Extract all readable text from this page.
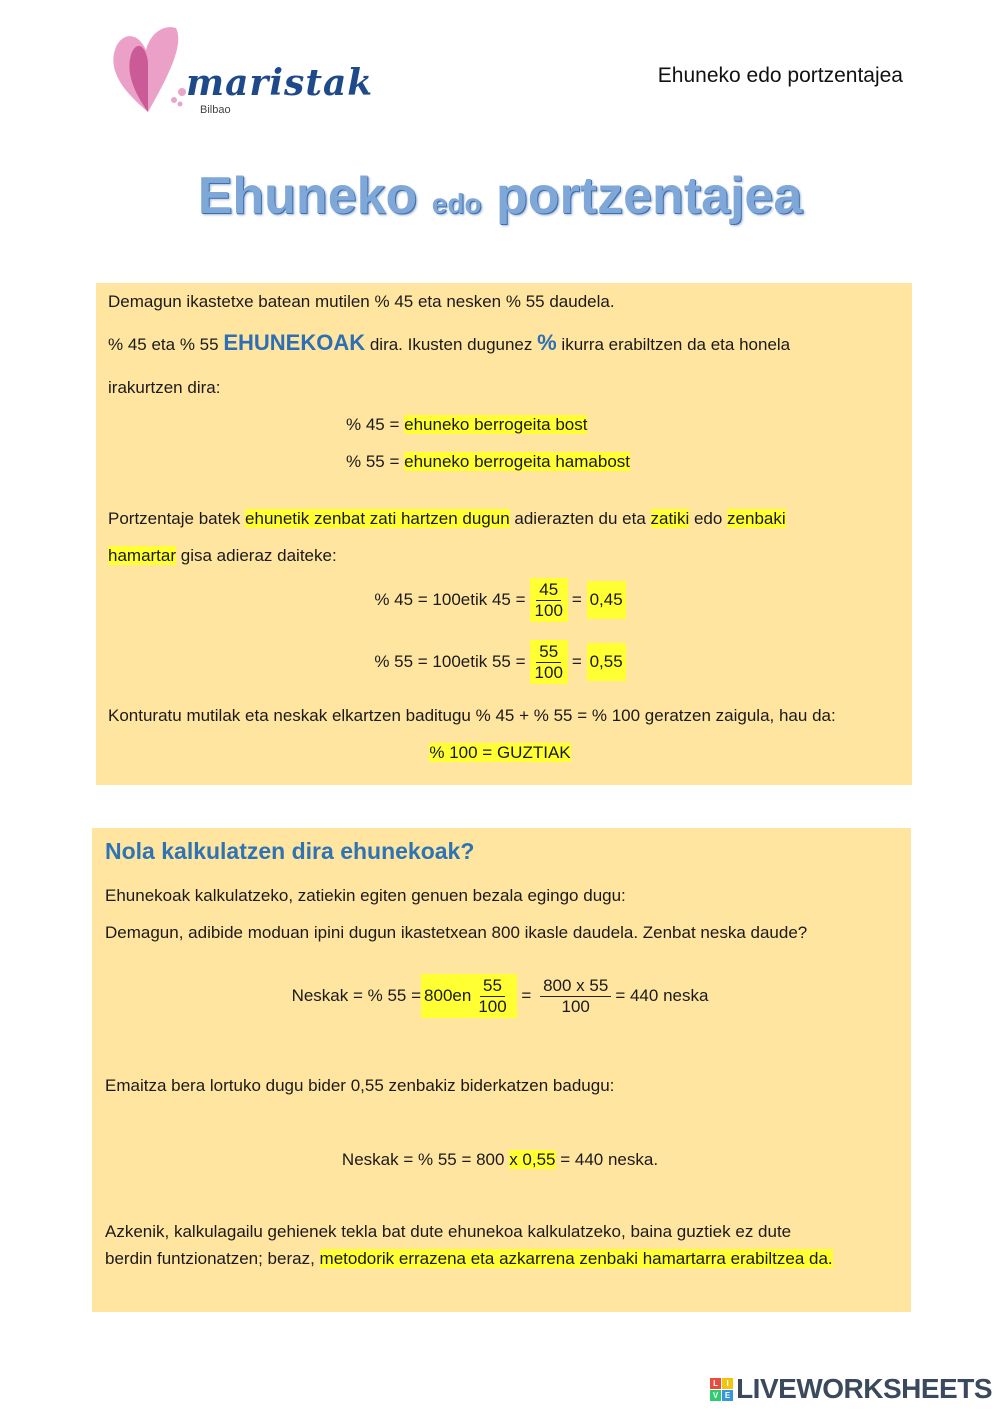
maristak
Bilbao
Ehuneko edo portzentajea
Ehuneko edo portzentajea
Demagun ikastetxe batean mutilen % 45 eta nesken % 55 daudela.
% 45 eta % 55 EHUNEKOAK dira. Ikusten dugunez % ikurra erabiltzen da eta honela
irakurtzen dira:
% 45 = ehuneko berrogeita bost
% 55 = ehuneko berrogeita hamabost
Portzentaje batek ehunetik zenbat zati hartzen dugun adierazten du eta zatiki edo zenbaki
hamartar gisa adieraz daiteke:
% 45 = 100etik $45 = \frac{45}{100}$ =
0,45
% 55 = 100etik $55 = \frac{55}{100}$ =
0,55
Konturatu mutilak eta neskak elkartzen baditugu % 45 + % 55 = % 100 geratzen zaigula, hau da:
% 100 = GUZTIAK
Nola kalkulatzen dira ehunekoak?
Ehunekoak kalkulatzeko, zatiekin egiten genuen bezala egingo dugu:
Demagun, adibide moduan ipini dugun ikastetxean 800 ikasle daudela. Zenbat neska daude?
Neskak = % $55 = 800en \frac{55}{100}$
=
$\frac{800 x 55}{100} = 440$ neska
Emaitza bera lortuko dugu bider 0,55 zenbakiz biderkatzen badugu:
Neskak = % 55 = 800 x 0,55 = 440 neska.
Azkenik, kalkulagailu gehienek tekla bat dute ehunekoa kalkulatzeko, baina guztiek ez dute
berdin funtzionatzen; beraz, metodorik errazena eta azkarrena zenbaki hamartarra erabiltzea da.
L	I
V E LIVEWORKSHEETS
